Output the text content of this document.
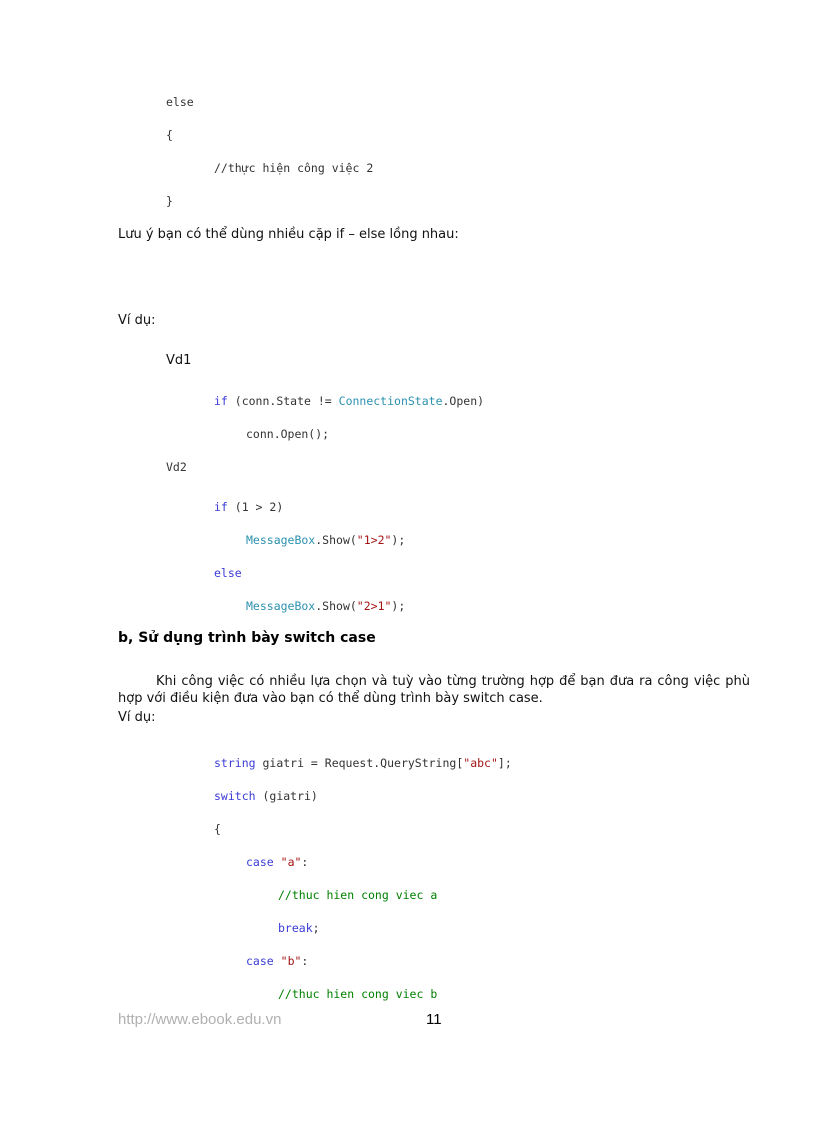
else
{
//thực hiện công việc 2
}
Lưu ý bạn có thể dùng nhiều cặp if – else lồng nhau:
Ví dụ:
Vd1
if (conn.State != ConnectionState.Open)
conn.Open();
Vd2
if (1 > 2)
MessageBox.Show("1>2");
else
MessageBox.Show("2>1");
b, Sử dụng trình bày switch case
Khi công việc có nhiều lựa chọn và tuỳ vào từng trường hợp để bạn đưa ra công việc phù hợp với điều kiện đưa vào bạn có thể dùng trình bày switch case.
Ví dụ:
string giatri = Request.QueryString["abc"];
switch (giatri)
{
case "a":
//thuc hien cong viec a
break;
case "b":
//thuc hien cong viec b
http://www.ebook.edu.vn	11
